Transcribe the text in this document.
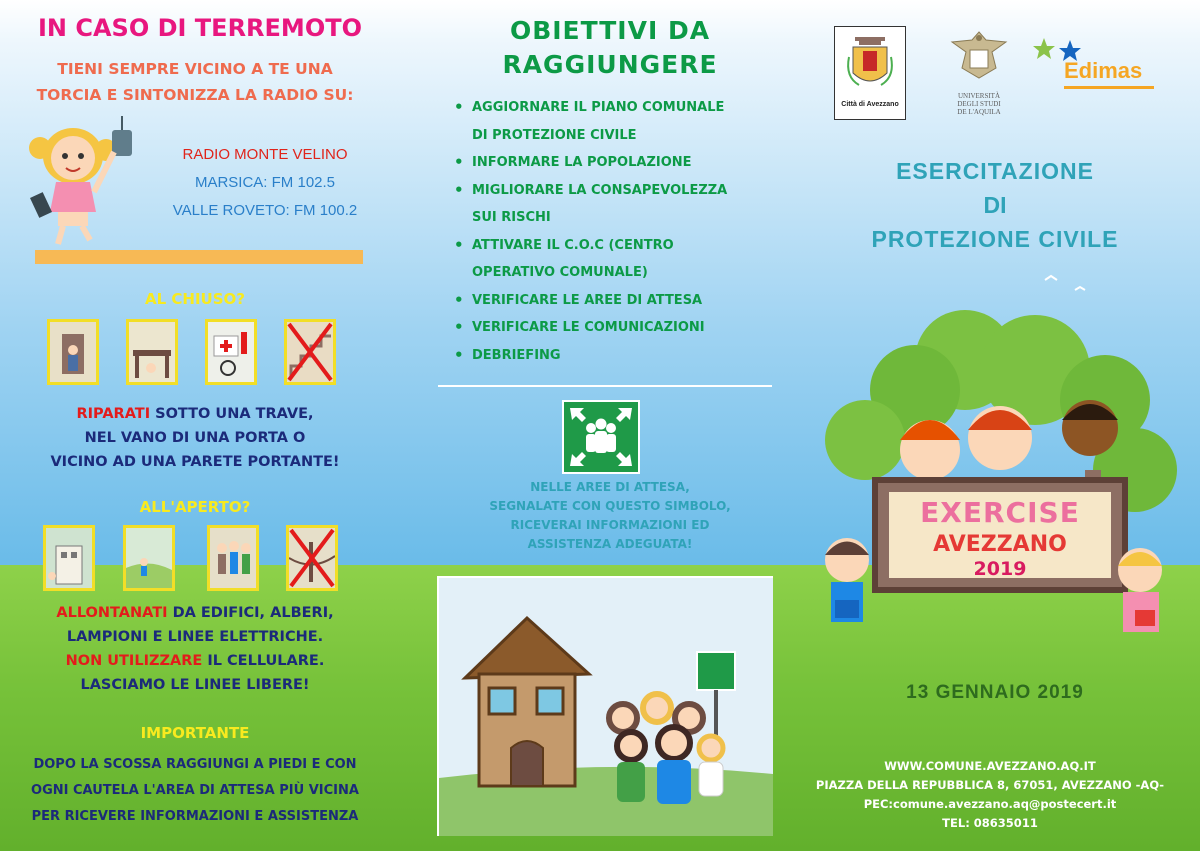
IN CASO DI TERREMOTO
TIENI SEMPRE VICINO A TE UNA
TORCIA E SINTONIZZA LA RADIO SU:
RADIO MONTE VELINO
MARSICA: FM 102.5
VALLE ROVETO: FM 100.2
AL CHIUSO?
RIPARATI SOTTO UNA TRAVE,
NEL VANO DI UNA PORTA O
VICINO AD UNA PARETE PORTANTE!
ALL'APERTO?
ALLONTANATI DA EDIFICI, ALBERI,
LAMPIONI E LINEE ELETTRICHE.
NON UTILIZZARE IL CELLULARE.
LASCIAMO LE LINEE LIBERE!
IMPORTANTE
DOPO LA SCOSSA RAGGIUNGI A PIEDI E CON
OGNI CAUTELA L'AREA DI ATTESA PIÙ VICINA
PER RICEVERE INFORMAZIONI E ASSISTENZA
OBIETTIVI DA
RAGGIUNGERE
• AGGIORNARE IL PIANO COMUNALE
DI PROTEZIONE CIVILE
• INFORMARE LA POPOLAZIONE
• MIGLIORARE LA CONSAPEVOLEZZA
SUI RISCHI
• ATTIVARE IL C.O.C (CENTRO
OPERATIVO COMUNALE)
• VERIFICARE LE AREE DI ATTESA
• VERIFICARE LE COMUNICAZIONI
• DEBRIEFING
NELLE AREE DI ATTESA,
SEGNALATE CON QUESTO SIMBOLO,
RICEVERAI INFORMAZIONI ED
ASSISTENZA ADEGUATA!
Città di Avezzano
UNIVERSITÀ
DEGLI STUDI
DE L'AQUILA
Edimas
ESERCITAZIONE
DI
PROTEZIONE CIVILE
EXERCISE
AVEZZANO
2019
13 GENNAIO 2019
WWW.COMUNE.AVEZZANO.AQ.IT
PIAZZA DELLA REPUBBLICA 8, 67051, AVEZZANO -AQ-
PEC:comune.avezzano.aq@postecert.it
TEL: 08635011
